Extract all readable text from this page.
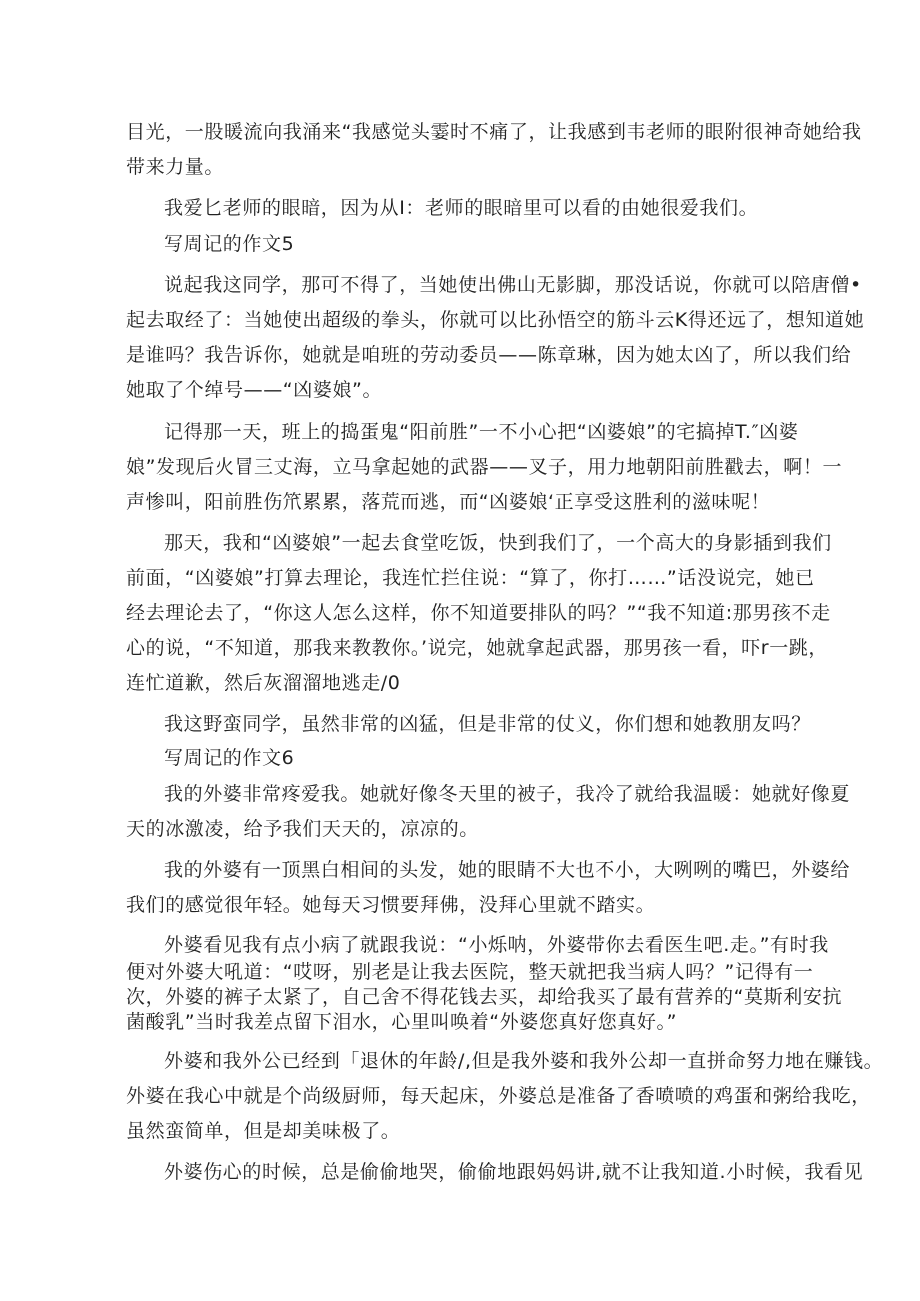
目光，一股暖流向我涌来“我感觉头霎时不痛了，让我感到韦老师的眼附很神奇她给我
带来力量。
我爱匕老师的眼暗，因为从I：老师的眼暗里可以看的由她很爱我们。
写周记的作文5
说起我这同学，那可不得了，当她使出佛山无影脚，那没话说，你就可以陪唐僧•
起去取经了：当她使出超级的拳头，你就可以比孙悟空的筋斗云K得还远了，想知道她
是谁吗？我告诉你，她就是咱班的劳动委员——陈章琳，因为她太凶了，所以我们给
她取了个绰号——“凶婆娘”。
记得那一天，班上的捣蛋鬼“阳前胜”一不小心把“凶婆娘”的宅搞掉T.″凶婆
娘”发现后火冒三丈海，立马拿起她的武器——叉子，用力地朝阳前胜戳去，啊！一
声惨叫，阳前胜伤笊累累，落荒而逃，而“凶婆娘‘正享受这胜利的滋味呢！
那天，我和“凶婆娘”一起去食堂吃饭，快到我们了，一个高大的身影插到我们
前面，“凶婆娘”打算去理论，我连忙拦住说：“算了，你打……”话没说完，她已
经去理论去了，“你这人怎么这样，你不知道要排队的吗？”“我不知道:那男孩不走
心的说，“不知道，那我来教教你。’说完，她就拿起武器，那男孩一看，吓r一跳，
连忙道歉，然后灰溜溜地逃走/0
我这野蛮同学，虽然非常的凶猛，但是非常的仗义，你们想和她教朋友吗？
写周记的作文6
我的外婆非常疼爱我。她就好像冬天里的被子，我冷了就给我温暖：她就好像夏
天的冰激凌，给予我们天天的，凉凉的。
我的外婆有一顶黑白相间的头发，她的眼睛不大也不小，大咧咧的嘴巴，外婆给
我们的感觉很年轻。她每天习惯要拜佛，没拜心里就不踏实。
外婆看见我有点小病了就跟我说：“小烁呐，外婆带你去看医生吧.走。”有时我
便对外婆大吼道：“哎呀，别老是让我去医院，整天就把我当病人吗？”记得有一
次，外婆的裤子太紧了，自己舍不得花钱去买，却给我买了最有营养的“莫斯利安抗
菌酸乳”当时我差点留下泪水，心里叫唤着“外婆您真好您真好。”
外婆和我外公已经到「退休的年龄/,但是我外婆和我外公却一直拼命努力地在赚钱。
外婆在我心中就是个尚级厨师，每天起床，外婆总是准备了香喷喷的鸡蛋和粥给我吃，
虽然蛮简单，但是却美味极了。
外婆伤心的时候，总是偷偷地哭，偷偷地跟妈妈讲,就不让我知道.小时候，我看见
